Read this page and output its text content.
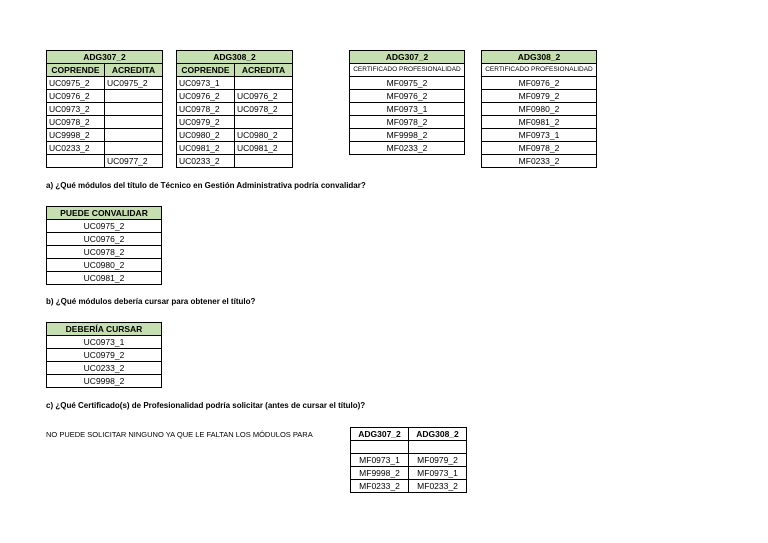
ADG307_2	
COPRENDE	ACREDITA
UC0975_2	UC0975_2
UC0976_2	
UC0973_2	
UC0978_2	
UC9998_2	
UC0233_2	
	UC0977_2
ADG308_2	
COPRENDE	ACREDITA
UC0973_1	
UC0976_2	UC0976_2
UC0978_2	UC0978_2
UC0979_2	
UC0980_2	UC0980_2
UC0981_2	UC0981_2
UC0233_2	
ADG307_2
CERTIFICADO PROFESIONALIDAD
MF0975_2
MF0976_2
MF0973_1
MF0978_2
MF9998_2
MF0233_2
ADG308_2
CERTIFICADO PROFESIONALIDAD
MF0976_2
MF0979_2
MF0980_2
MF0981_2
MF0973_1
MF0978_2
MF0233_2
a) ¿Qué módulos del título de Técnico en Gestión Administrativa podría convalidar?
PUEDE CONVALIDAR
UC0975_2
UC0976_2
UC0978_2
UC0980_2
UC0981_2
b) ¿Qué módulos debería cursar para obtener el título?
DEBERÍA CURSAR
UC0973_1
UC0979_2
UC0233_2
UC9998_2
c) ¿Qué Certificado(s) de Profesionalidad podría solicitar (antes de cursar el título)?
NO PUEDE SOLICITAR NINGUNO YA QUE LE FALTAN LOS MÓDULOS PARA	ADG307_2	ADG308_2

MF0973_1	MF0979_2
MF9998_2	MF0973_1
MF0233_2	MF0233_2
